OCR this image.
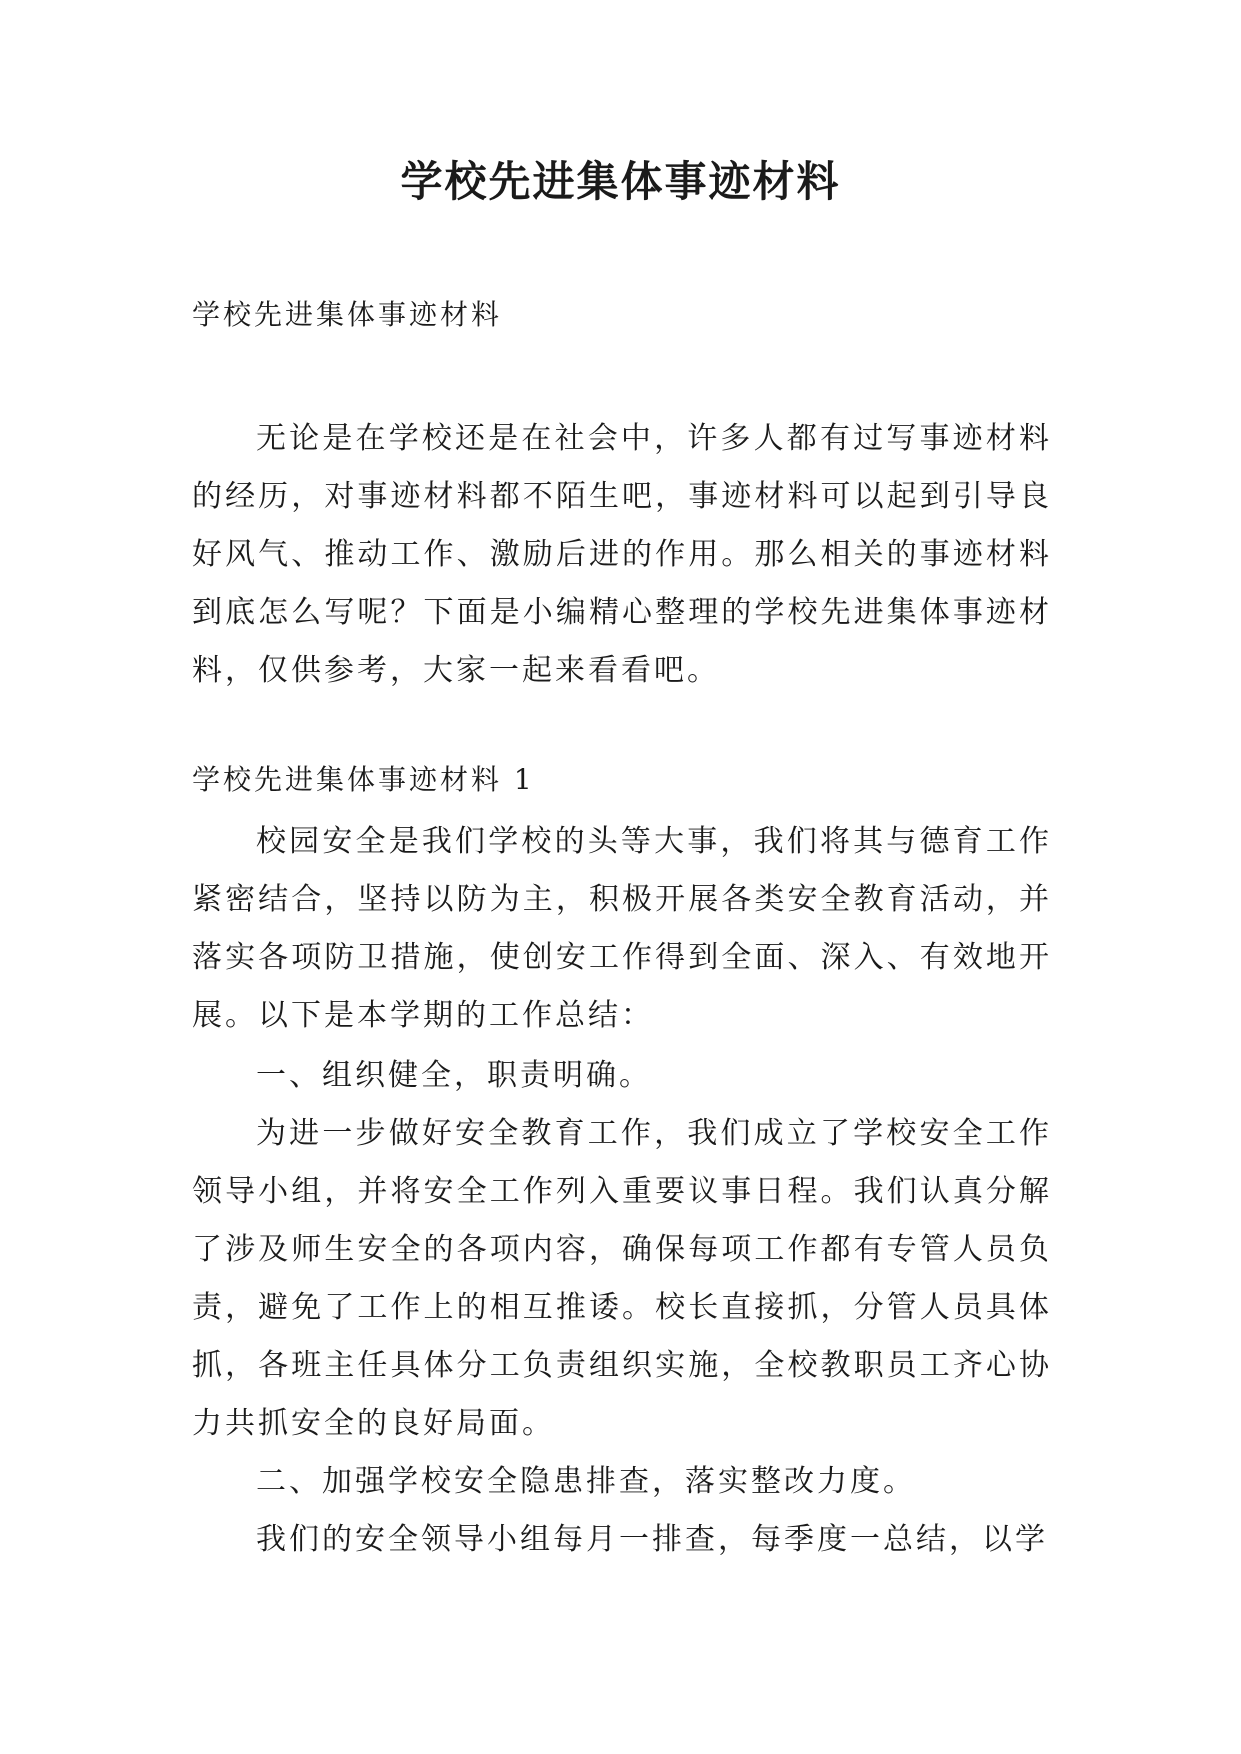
学校先进集体事迹材料

学校先进集体事迹材料

无论是在学校还是在社会中，许多人都有过写事迹材料的经历，对事迹材料都不陌生吧，事迹材料可以起到引导良好风气、推动工作、激励后进的作用。那么相关的事迹材料到底怎么写呢？下面是小编精心整理的学校先进集体事迹材料，仅供参考，大家一起来看看吧。

学校先进集体事迹材料 1

校园安全是我们学校的头等大事，我们将其与德育工作紧密结合，坚持以防为主，积极开展各类安全教育活动，并落实各项防卫措施，使创安工作得到全面、深入、有效地开展。以下是本学期的工作总结：

一、组织健全，职责明确。

为进一步做好安全教育工作，我们成立了学校安全工作领导小组，并将安全工作列入重要议事日程。我们认真分解了涉及师生安全的各项内容，确保每项工作都有专管人员负责，避免了工作上的相互推诿。校长直接抓，分管人员具体抓，各班主任具体分工负责组织实施，全校教职员工齐心协力共抓安全的良好局面。

二、加强学校安全隐患排查，落实整改力度。

我们的安全领导小组每月一排查，每季度一总结，以学
